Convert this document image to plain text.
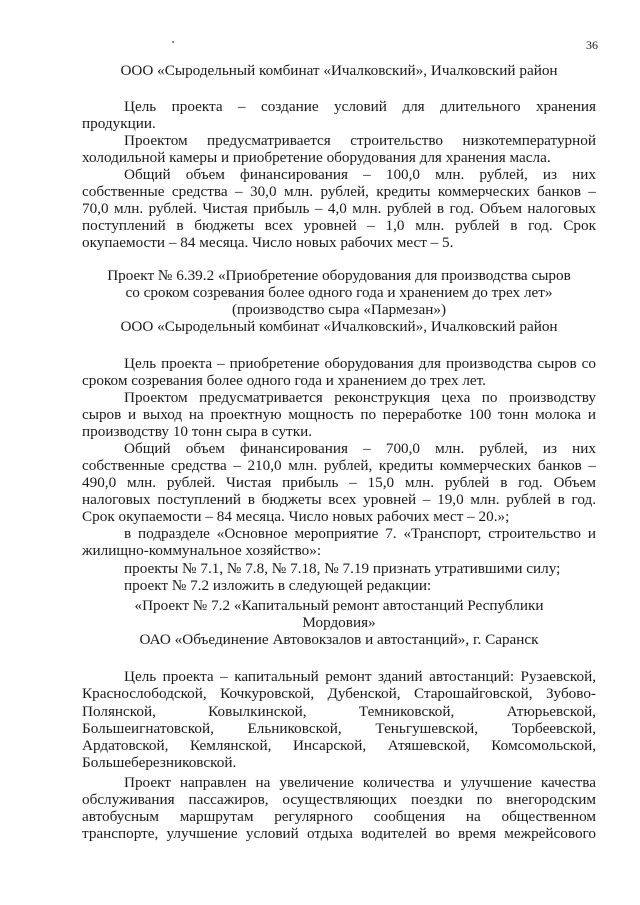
36
ООО «Сыродельный комбинат «Ичалковский», Ичалковский район
Цель проекта – создание условий для длительного хранения
продукции.
Проектом предусматривается строительство низкотемпературной
холодильной камеры и приобретение оборудования для хранения масла.
Общий объем финансирования – 100,0 млн. рублей, из них
собственные средства – 30,0 млн. рублей, кредиты коммерческих банков –
70,0 млн. рублей. Чистая прибыль – 4,0 млн. рублей в год. Объем налоговых
поступлений в бюджеты всех уровней – 1,0 млн. рублей в год. Срок
окупаемости – 84 месяца. Число новых рабочих мест – 5.
Проект № 6.39.2 «Приобретение оборудования для производства сыров
со сроком созревания более одного года и хранением до трех лет»
(производство сыра «Пармезан»)
ООО «Сыродельный комбинат «Ичалковский», Ичалковский район
Цель проекта – приобретение оборудования для производства сыров со
сроком созревания более одного года и хранением до трех лет.
Проектом предусматривается реконструкция цеха по производству
сыров и выход на проектную мощность по переработке 100 тонн молока и
производству 10 тонн сыра в сутки.
Общий объем финансирования – 700,0 млн. рублей, из них
собственные средства – 210,0 млн. рублей, кредиты коммерческих банков –
490,0 млн. рублей. Чистая прибыль – 15,0 млн. рублей в год. Объем
налоговых поступлений в бюджеты всех уровней – 19,0 млн. рублей в год.
Срок окупаемости – 84 месяца. Число новых рабочих мест – 20.»;
в подразделе «Основное мероприятие 7. «Транспорт, строительство и
жилищно-коммунальное хозяйство»:
проекты № 7.1, № 7.8, № 7.18, № 7.19 признать утратившими силу;
проект № 7.2 изложить в следующей редакции:
«Проект № 7.2 «Капитальный ремонт автостанций Республики
Мордовия»
ОАО «Объединение Автовокзалов и автостанций», г. Саранск
Цель проекта – капитальный ремонт зданий автостанций: Рузаевской,
Краснослободской, Кочкуровской, Дубенской, Старошайговской, Зубово-
Полянской, Ковылкинской, Темниковской, Атюрьевской,
Большеигнатовской, Ельниковской, Теньгушевской, Торбеевской,
Ардатовской, Кемлянской, Инсарской, Атяшевской, Комсомольской,
Большеберезниковской.
Проект направлен на увеличение количества и улучшение качества
обслуживания пассажиров, осуществляющих поездки по внегородским
автобусным маршрутам регулярного сообщения на общественном
транспорте, улучшение условий отдыха водителей во время межрейсового
